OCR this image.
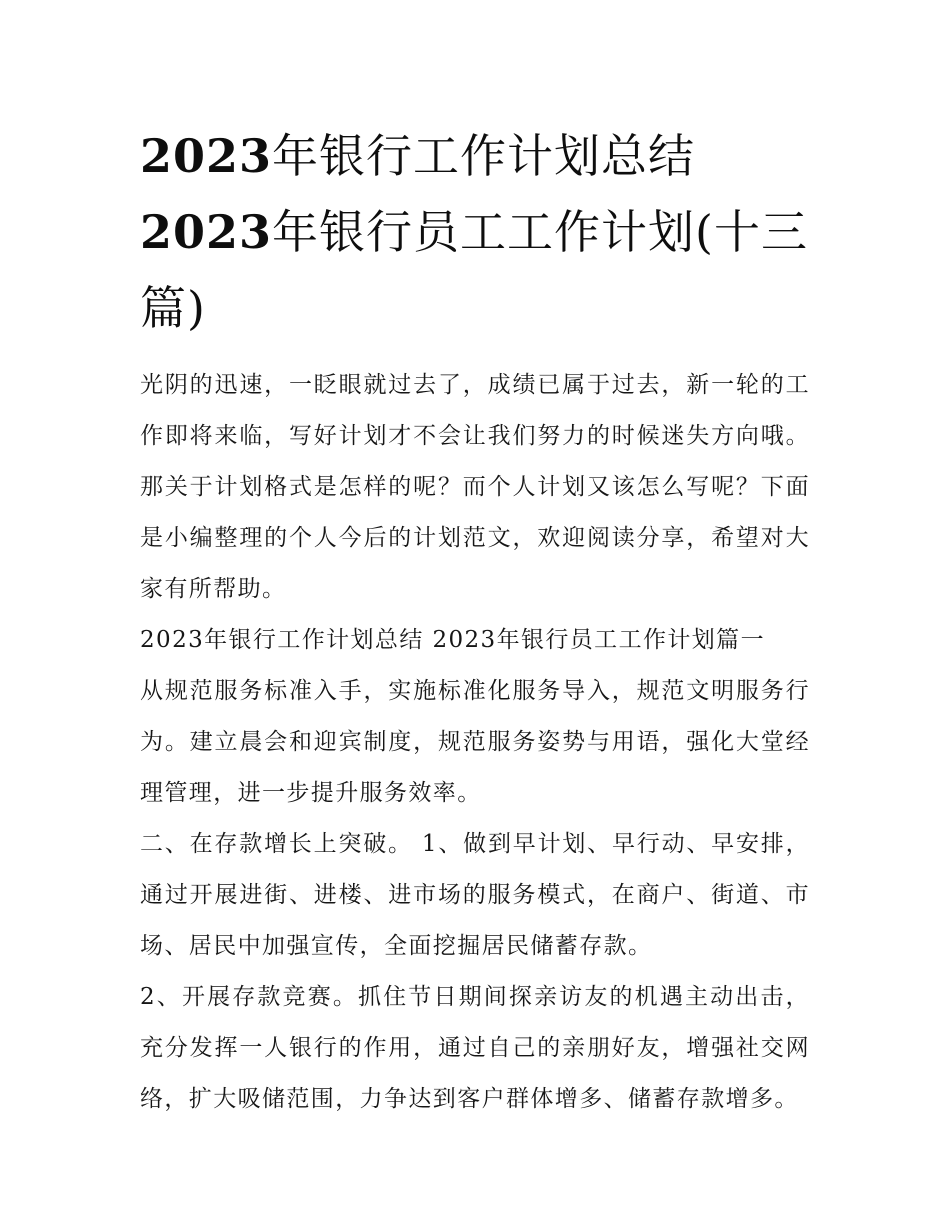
2023年银行工作计划总结
2023年银行员工工作计划(十三篇)

光阴的迅速，一眨眼就过去了，成绩已属于过去，新一轮的工作即将来临，写好计划才不会让我们努力的时候迷失方向哦。那关于计划格式是怎样的呢？而个人计划又该怎么写呢？下面是小编整理的个人今后的计划范文，欢迎阅读分享，希望对大家有所帮助。

2023年银行工作计划总结 2023年银行员工工作计划篇一

从规范服务标准入手，实施标准化服务导入，规范文明服务行为。建立晨会和迎宾制度，规范服务姿势与用语，强化大堂经理管理，进一步提升服务效率。

二、在存款增长上突破。 1、做到早计划、早行动、早安排，通过开展进街、进楼、进市场的服务模式，在商户、街道、市场、居民中加强宣传，全面挖掘居民储蓄存款。

2、开展存款竞赛。抓住节日期间探亲访友的机遇主动出击，充分发挥一人银行的作用，通过自己的亲朋好友，增强社交网络，扩大吸储范围，力争达到客户群体增多、储蓄存款增多。
